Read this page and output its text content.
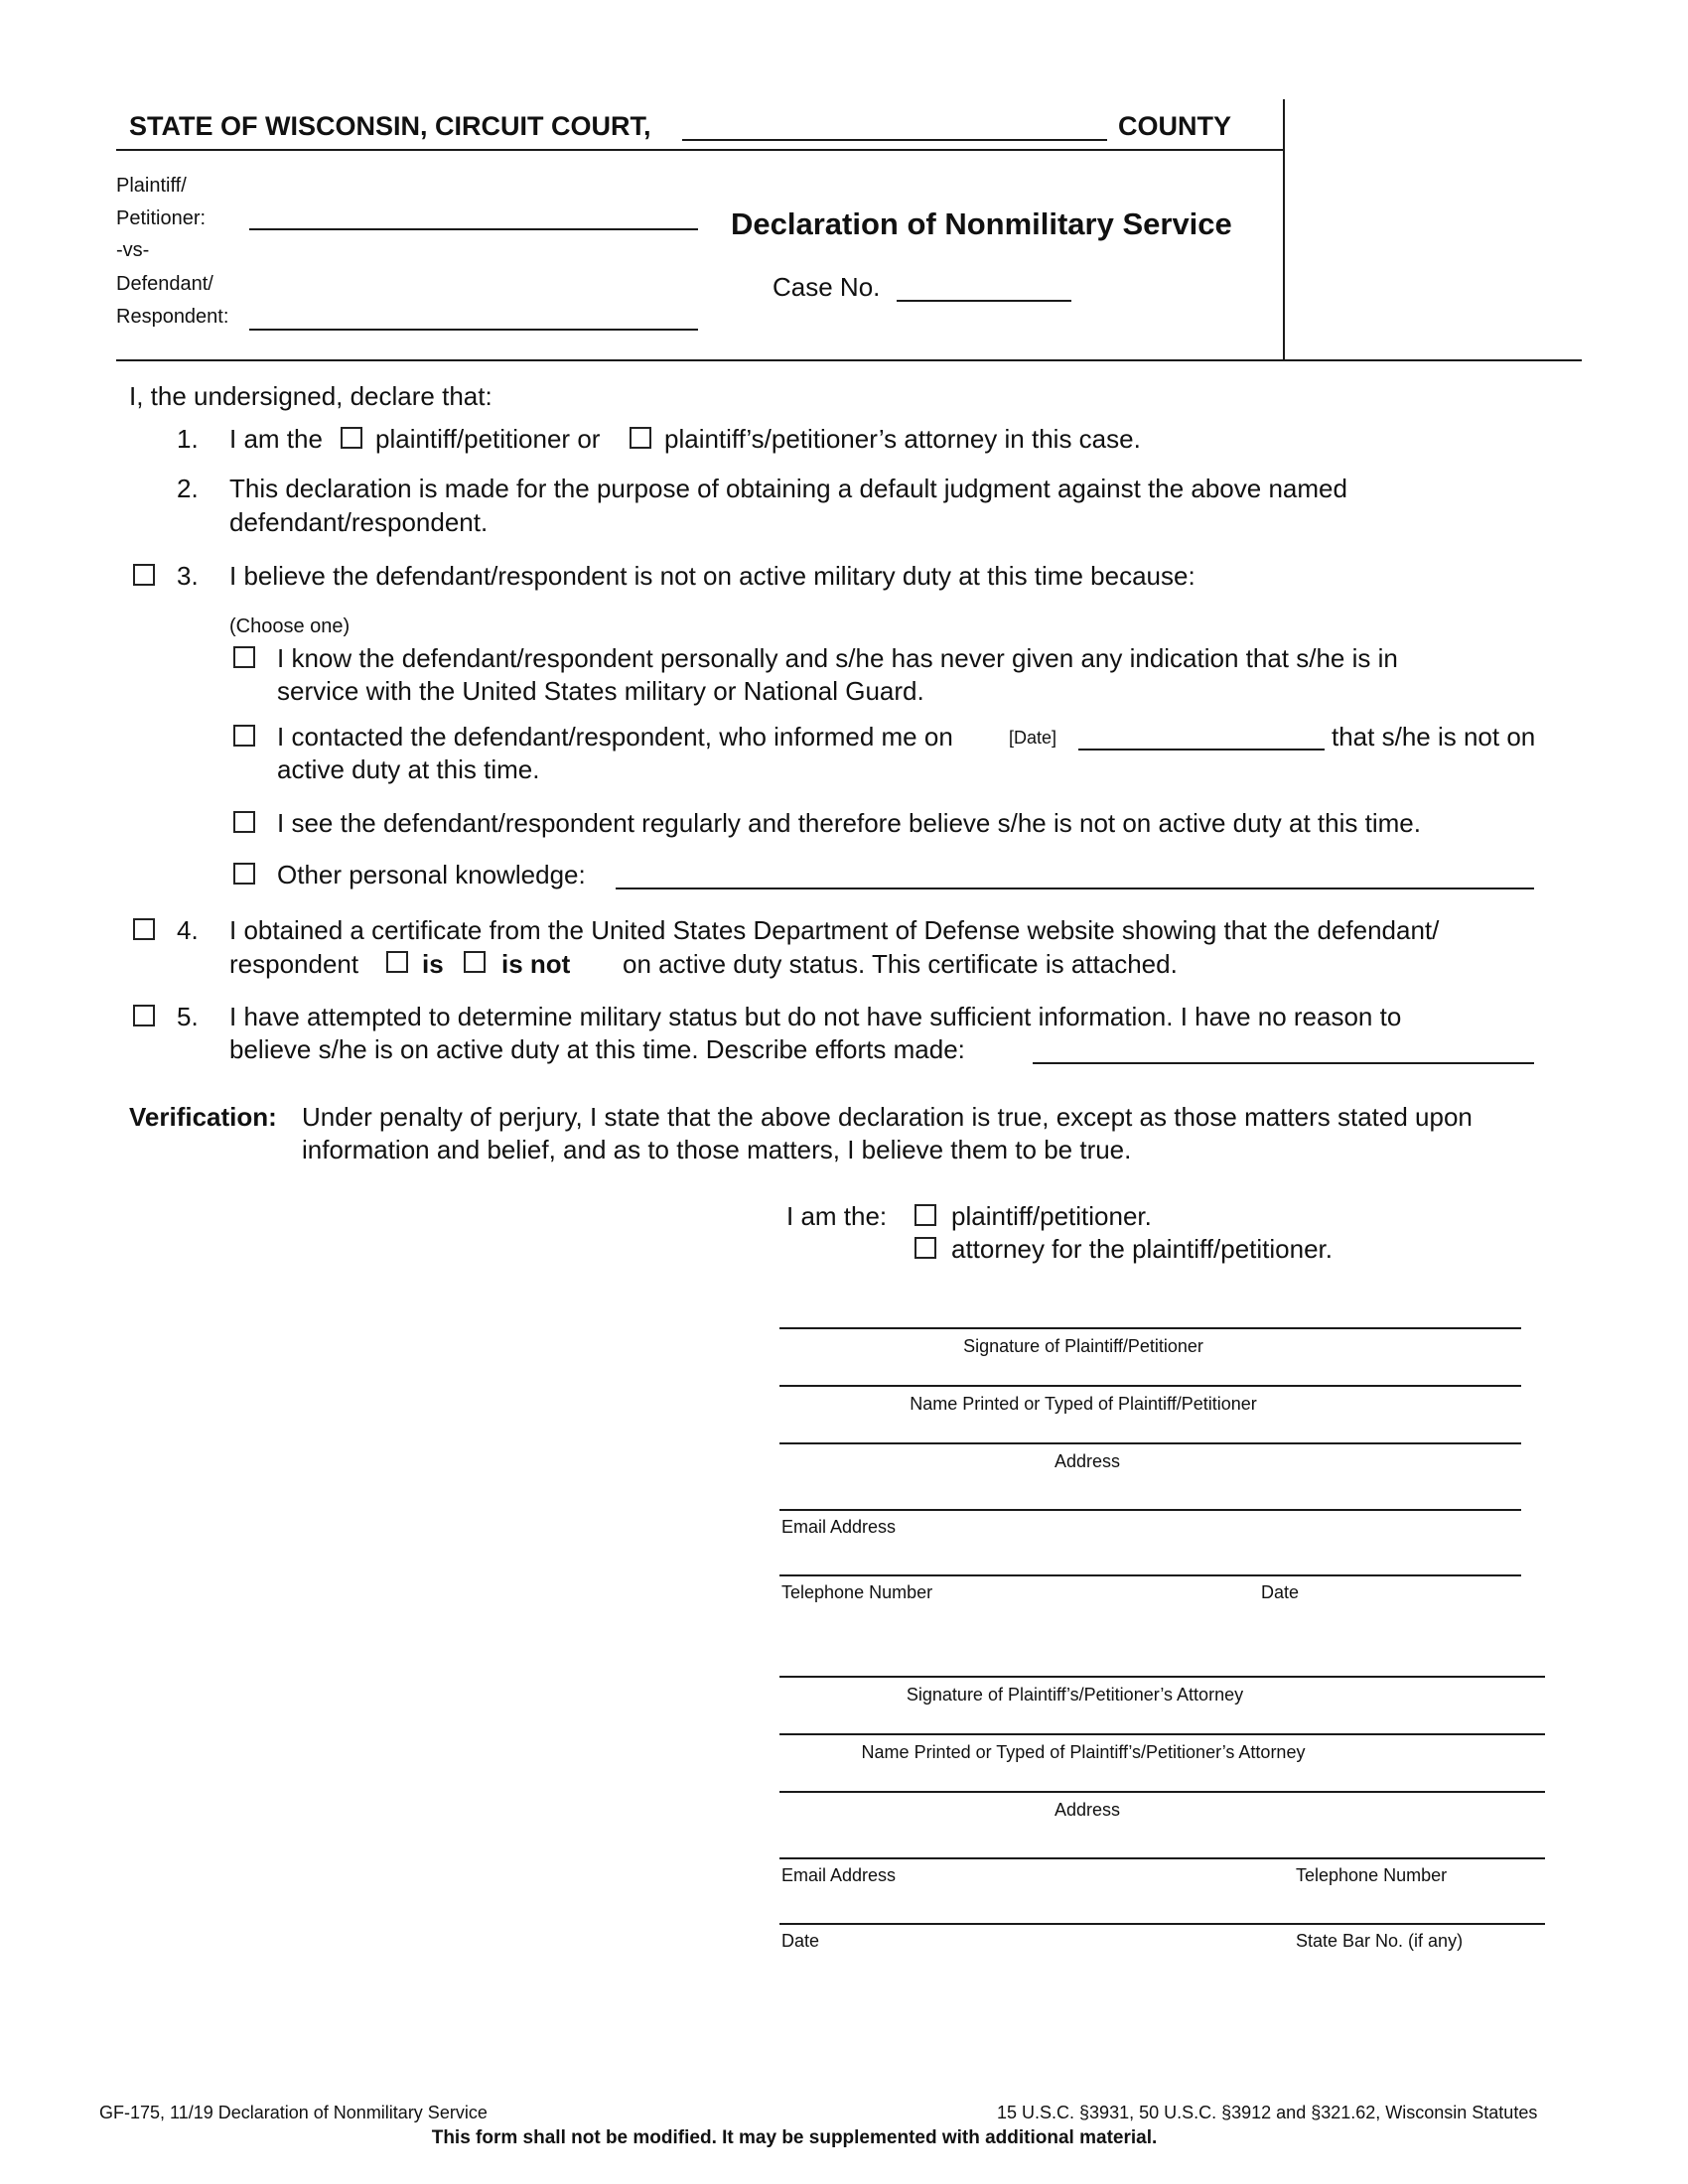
STATE OF WISCONSIN, CIRCUIT COURT,	COUNTY
Plaintiff/
Petitioner:
-vs-
Defendant/
Respondent:
Declaration of Nonmilitary Service
Case No.
I, the undersigned, declare that:
1. I am the plaintiff/petitioner or plaintiff’s/petitioner’s attorney in this case.
2. This declaration is made for the purpose of obtaining a default judgment against the above named
defendant/respondent.
3. I believe the defendant/respondent is not on active military duty at this time because:
(Choose one)
I know the defendant/respondent personally and s/he has never given any indication that s/he is in
service with the United States military or National Guard.
I contacted the defendant/respondent, who informed me on	[Date]	that s/he is not on
active duty at this time.
I see the defendant/respondent regularly and therefore believe s/he is not on active duty at this time.
Other personal knowledge:
4. I obtained a certificate from the United States Department of Defense website showing that the defendant/
respondent is is not on active duty status. This certificate is attached.
5. I have attempted to determine military status but do not have sufficient information. I have no reason to
believe s/he is on active duty at this time. Describe efforts made:
Verification: Under penalty of perjury, I state that the above declaration is true, except as those matters stated upon
information and belief, and as to those matters, I believe them to be true.
I am the: plaintiff/petitioner.
attorney for the plaintiff/petitioner.
Signature of Plaintiff/Petitioner
Name Printed or Typed of Plaintiff/Petitioner
Address
Email Address
Telephone Number	Date
Signature of Plaintiff’s/Petitioner’s Attorney
Name Printed or Typed of Plaintiff’s/Petitioner’s Attorney
Address
Email Address	Telephone Number
Date	State Bar No. (if any)
GF-175, 11/19 Declaration of Nonmilitary Service	15 U.S.C. §3931, 50 U.S.C. §3912 and §321.62, Wisconsin Statutes
This form shall not be modified. It may be supplemented with additional material.
